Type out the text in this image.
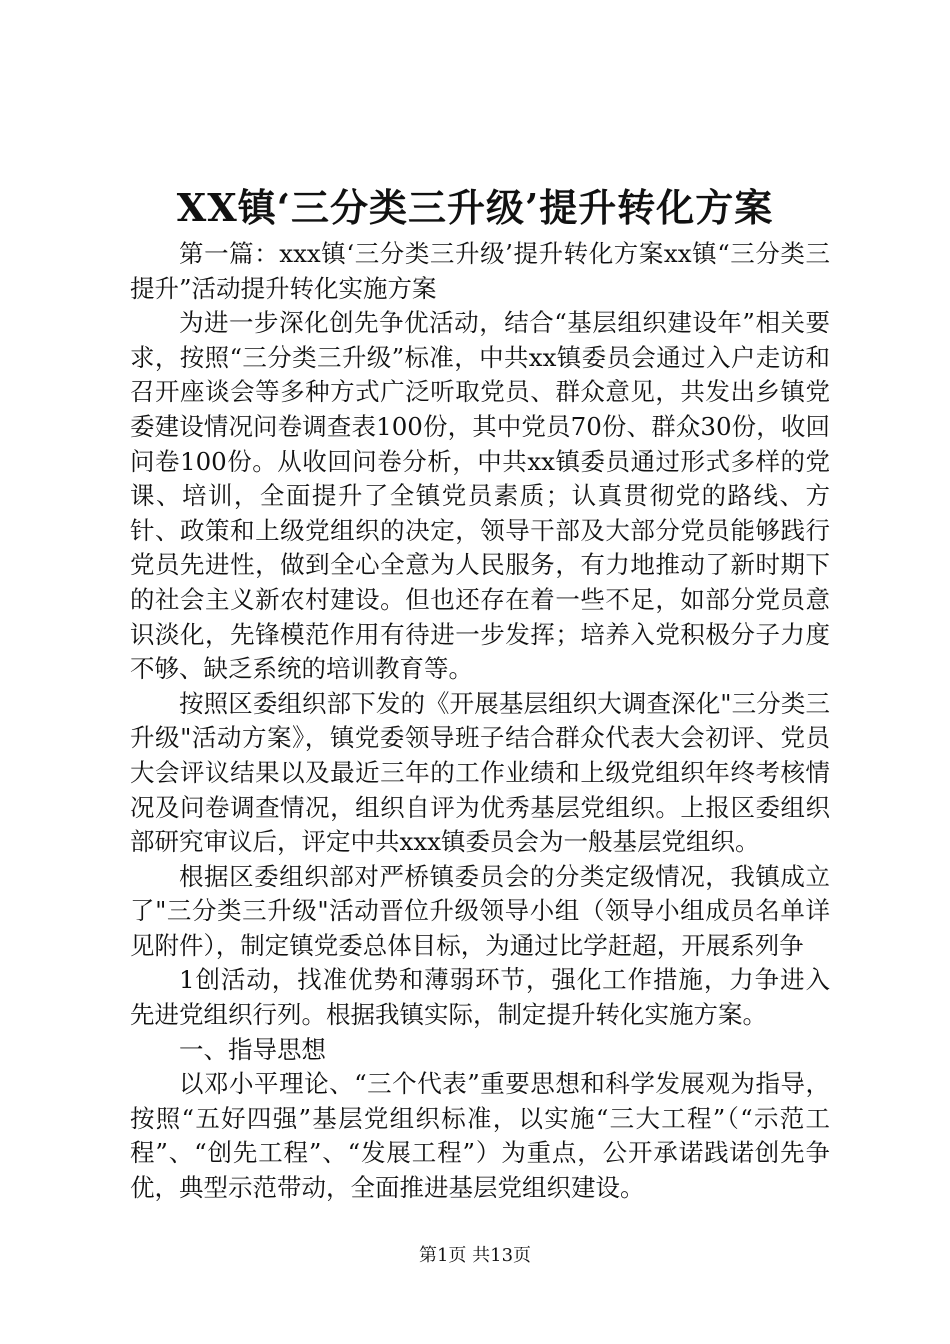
XX镇‘三分类三升级’提升转化方案

第一篇：xxx镇‘三分类三升级’提升转化方案xx镇“三分类三提升”活动提升转化实施方案

为进一步深化创先争优活动，结合“基层组织建设年”相关要求，按照“三分类三升级”标准，中共xx镇委员会通过入户走访和召开座谈会等多种方式广泛听取党员、群众意见，共发出乡镇党委建设情况问卷调查表100份，其中党员70份、群众30份，收回问卷100份。从收回问卷分析，中共xx镇委员通过形式多样的党课、培训，全面提升了全镇党员素质；认真贯彻党的路线、方针、政策和上级党组织的决定，领导干部及大部分党员能够践行党员先进性，做到全心全意为人民服务，有力地推动了新时期下的社会主义新农村建设。但也还存在着一些不足，如部分党员意识淡化，先锋模范作用有待进一步发挥；培养入党积极分子力度不够、缺乏系统的培训教育等。

按照区委组织部下发的《开展基层组织大调查深化"三分类三升级"活动方案》，镇党委领导班子结合群众代表大会初评、党员大会评议结果以及最近三年的工作业绩和上级党组织年终考核情况及问卷调查情况，组织自评为优秀基层党组织。上报区委组织部研究审议后，评定中共xxx镇委员会为一般基层党组织。

根据区委组织部对严桥镇委员会的分类定级情况，我镇成立了"三分类三升级"活动晋位升级领导小组（领导小组成员名单详见附件），制定镇党委总体目标，为通过比学赶超，开展系列争

1创活动，找准优势和薄弱环节，强化工作措施，力争进入先进党组织行列。根据我镇实际，制定提升转化实施方案。

一、指导思想

以邓小平理论、“三个代表”重要思想和科学发展观为指导，按照“五好四强”基层党组织标准，以实施“三大工程”（“示范工程”、“创先工程”、“发展工程”）为重点，公开承诺践诺创先争优，典型示范带动，全面推进基层党组织建设。

第1页 共13页
